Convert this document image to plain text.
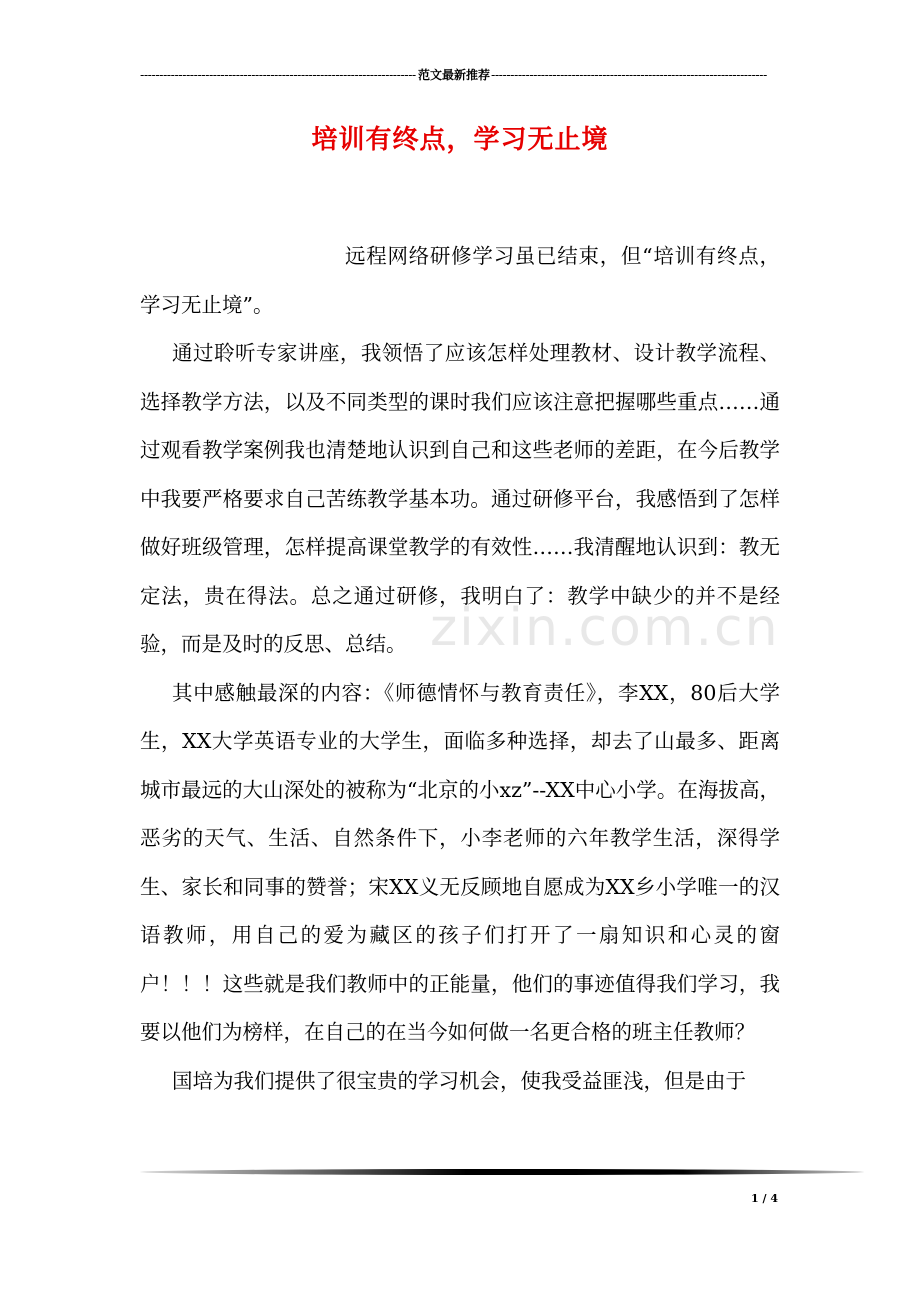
------------------------------------------------------------------------ 范文最新推荐 ------------------------------------------------------------------------
培训有终点，学习无止境

远程网络研修学习虽已结束，但“培训有终点，学习无止境”。

通过聆听专家讲座，我领悟了应该怎样处理教材、设计教学流程、选择教学方法，以及不同类型的课时我们应该注意把握哪些重点……通过观看教学案例我也清楚地认识到自己和这些老师的差距，在今后教学中我要严格要求自己苦练教学基本功。通过研修平台，我感悟到了怎样做好班级管理，怎样提高课堂教学的有效性……我清醒地认识到：教无定法，贵在得法。总之通过研修，我明白了：教学中缺少的并不是经验，而是及时的反思、总结。

其中感触最深的内容：《师德情怀与教育责任》，李XX，80后大学生，XX大学英语专业的大学生，面临多种选择，却去了山最多、距离城市最远的大山深处的被称为“北京的小xz”--XX中心小学。在海拔高，恶劣的天气、生活、自然条件下，小李老师的六年教学生活，深得学生、家长和同事的赞誉；宋XX义无反顾地自愿成为XX乡小学唯一的汉语教师，用自己的爱为藏区的孩子们打开了一扇知识和心灵的窗户！！！这些就是我们教师中的正能量，他们的事迹值得我们学习，我要以他们为榜样，在自己的在当今如何做一名更合格的班主任教师？

国培为我们提供了很宝贵的学习机会，使我受益匪浅，但是由于

zixin.com.cn
1 / 4
